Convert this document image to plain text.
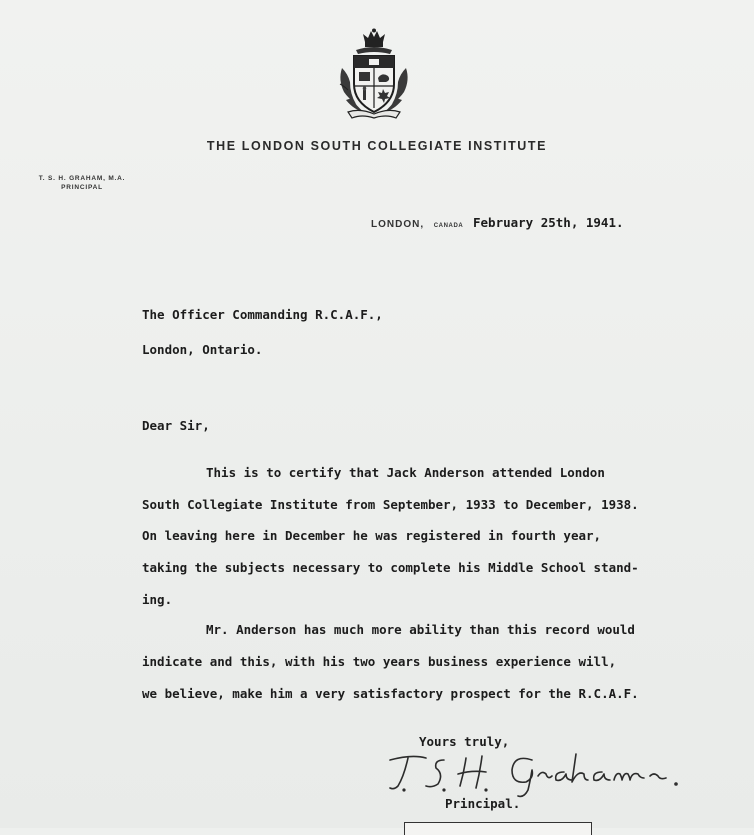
THE LONDON SOUTH COLLEGIATE INSTITUTE
T. S. H. GRAHAM, M.A.
PRINCIPAL
LONDON, CANADA February 25th, 1941.
The Officer Commanding R.C.A.F.,
London, Ontario.
Dear Sir,
This is to certify that Jack Anderson attended London
South Collegiate Institute from September, 1933 to December, 1938.
On leaving here in December he was registered in fourth year,
taking the subjects necessary to complete his Middle School stand-
ing.
Mr. Anderson has much more ability than this record would
indicate and this, with his two years business experience will,
we believe, make him a very satisfactory prospect for the R.C.A.F.
Yours truly,
Principal.
